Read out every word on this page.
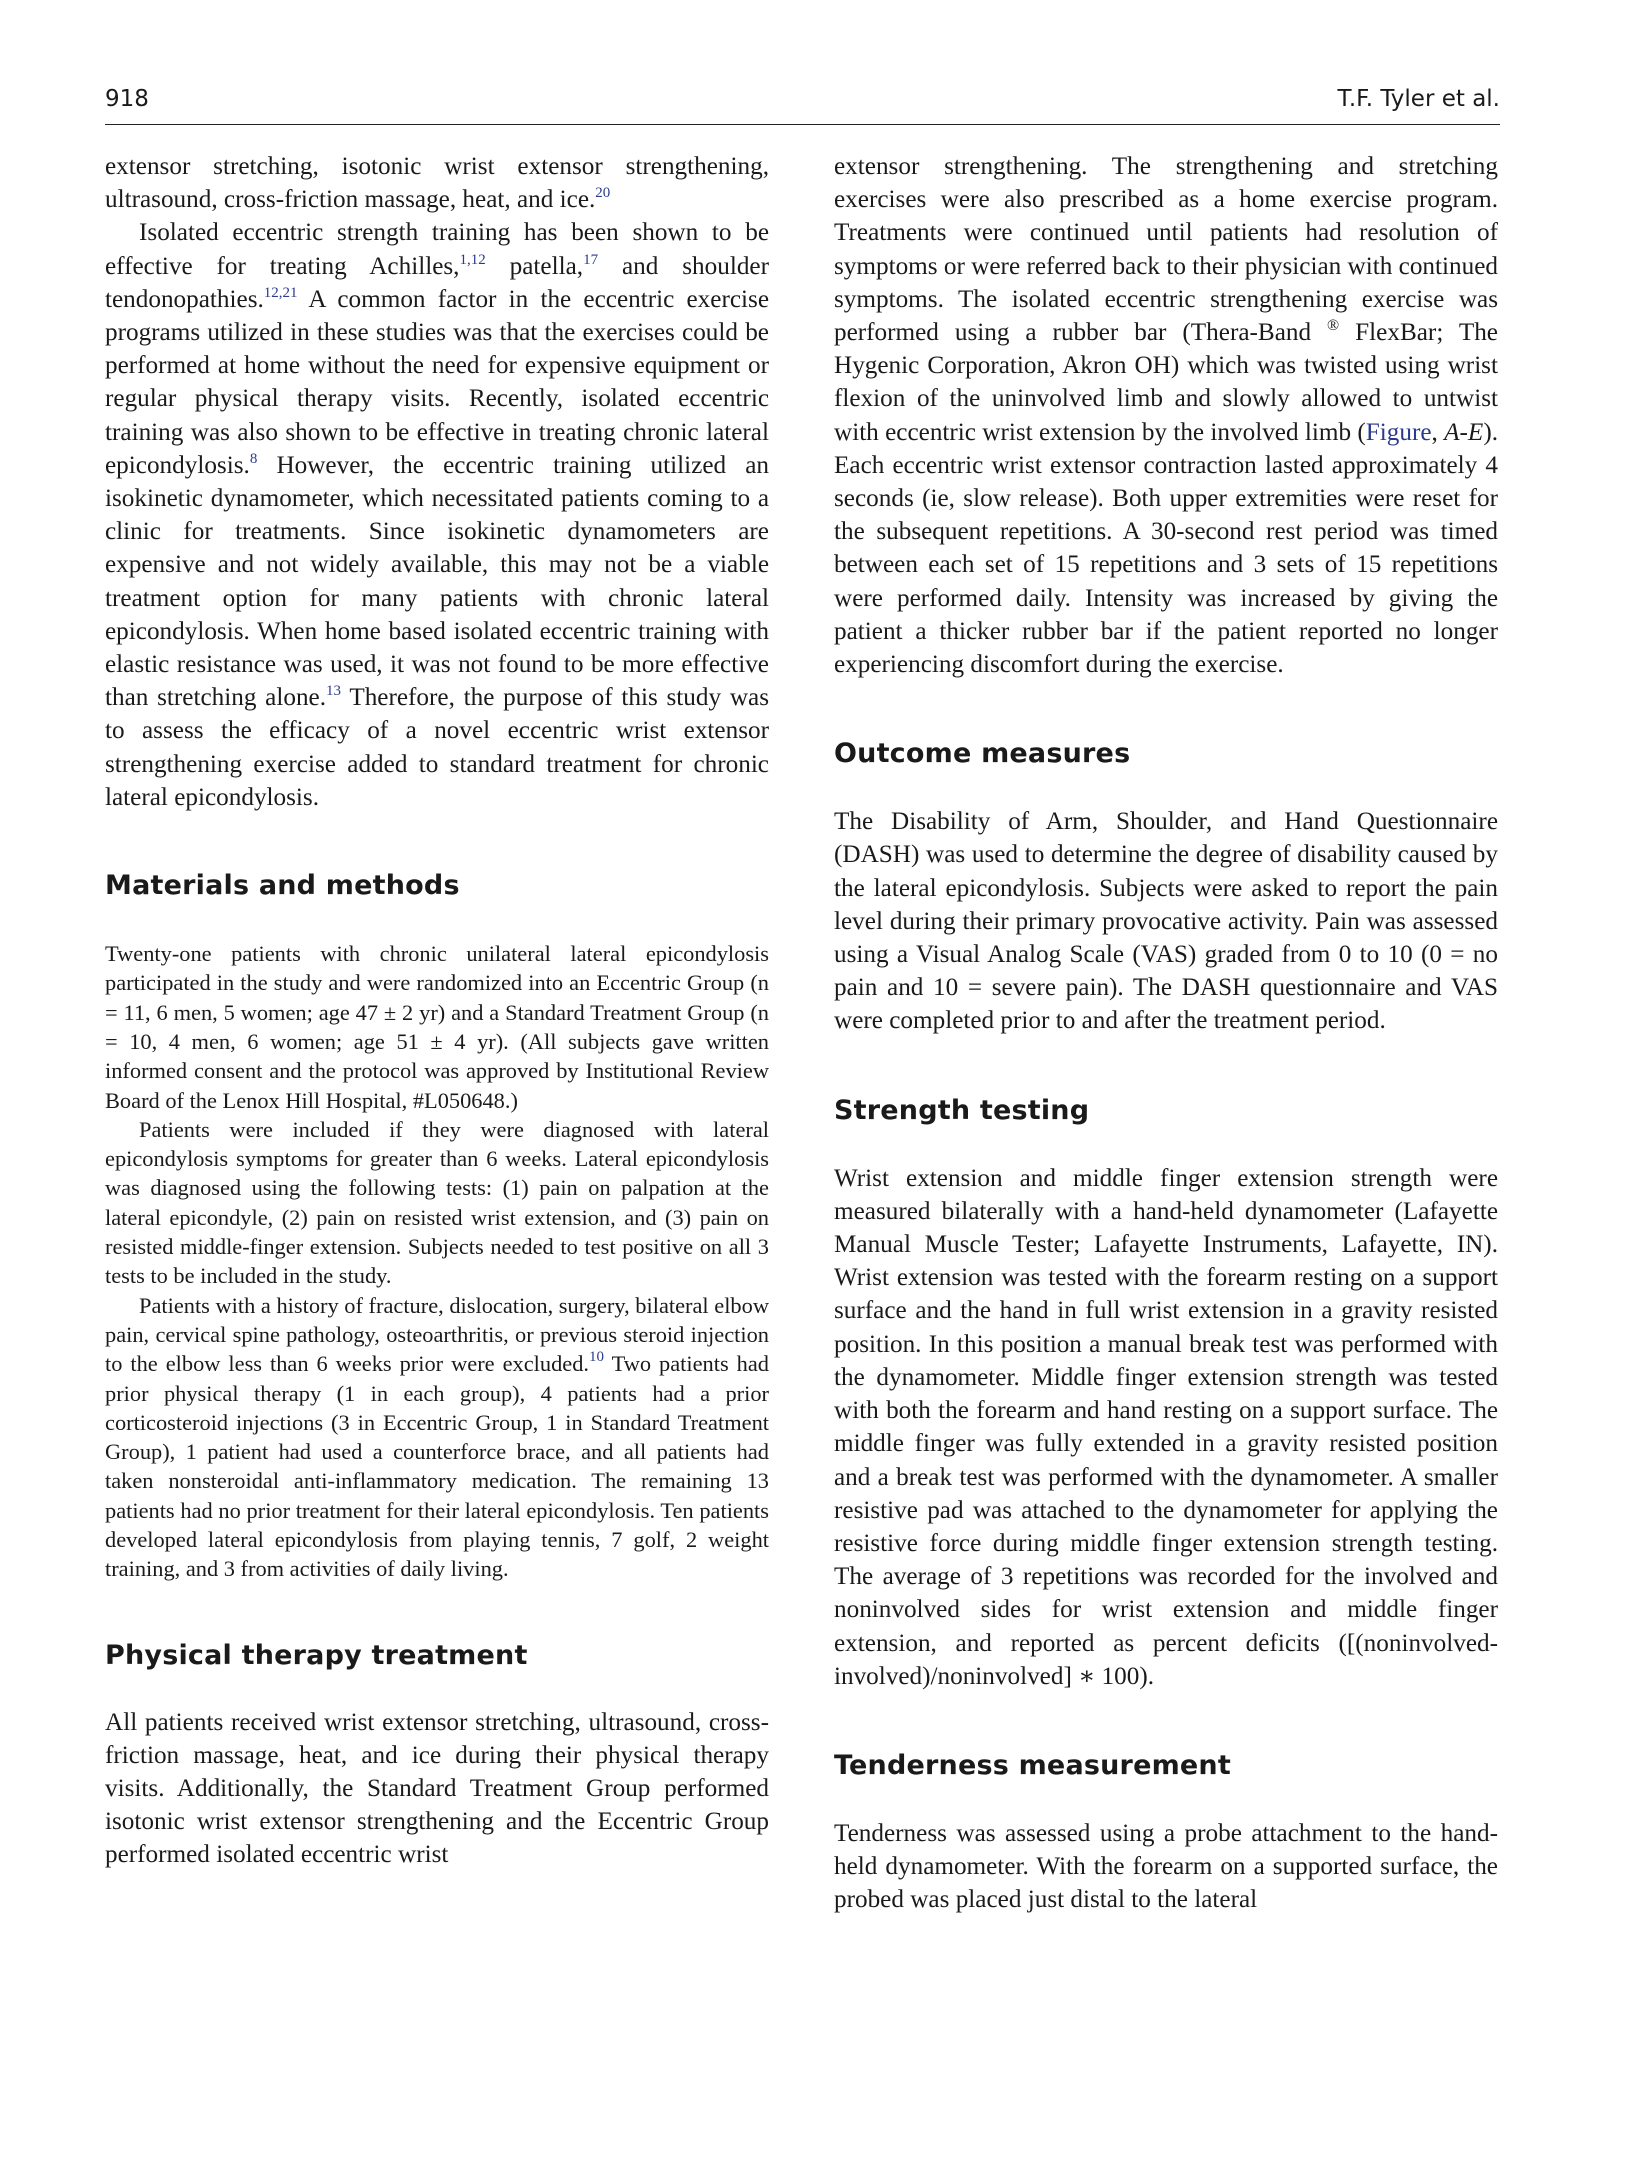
918	T.F. Tyler et al.

extensor stretching, isotonic wrist extensor strengthening, ultrasound, cross-friction massage, heat, and ice.$^{20}$

Isolated eccentric strength training has been shown to be effective for treating Achilles,$^{1,12}$ patella,$^{17}$ and shoulder tendonopathies.$^{12,21}$ A common factor in the eccentric exercise programs utilized in these studies was that the exercises could be performed at home without the need for expensive equipment or regular physical therapy visits. Recently, isolated eccentric training was also shown to be effective in treating chronic lateral epicondylosis.$^8$ However, the eccentric training utilized an isokinetic dynamometer, which necessitated patients coming to a clinic for treatments. Since isokinetic dynamometers are expensive and not widely available, this may not be a viable treatment option for many patients with chronic lateral epicondylosis. When home based isolated eccentric training with elastic resistance was used, it was not found to be more effective than stretching alone.$^{13}$ Therefore, the purpose of this study was to assess the efficacy of a novel eccentric wrist extensor strengthening exercise added to standard treatment for chronic lateral epicondylosis.

Materials and methods

Twenty-one patients with chronic unilateral lateral epicondylosis participated in the study and were randomized into an Eccentric Group (n = 11, 6 men, 5 women; age 47 ± 2 yr) and a Standard Treatment Group (n = 10, 4 men, 6 women; age 51 ± 4 yr). (All subjects gave written informed consent and the protocol was approved by Institutional Review Board of the Lenox Hill Hospital, #L050648.)

Patients were included if they were diagnosed with lateral epicondylosis symptoms for greater than 6 weeks. Lateral epicondylosis was diagnosed using the following tests: (1) pain on palpation at the lateral epicondyle, (2) pain on resisted wrist extension, and (3) pain on resisted middle-finger extension. Subjects needed to test positive on all 3 tests to be included in the study.

Patients with a history of fracture, dislocation, surgery, bilateral elbow pain, cervical spine pathology, osteoarthritis, or previous steroid injection to the elbow less than 6 weeks prior were excluded.$^{10}$ Two patients had prior physical therapy (1 in each group), 4 patients had a prior corticosteroid injections (3 in Eccentric Group, 1 in Standard Treatment Group), 1 patient had used a counterforce brace, and all patients had taken nonsteroidal anti-inflammatory medication. The remaining 13 patients had no prior treatment for their lateral epicondylosis. Ten patients developed lateral epicondylosis from playing tennis, 7 golf, 2 weight training, and 3 from activities of daily living.

Physical therapy treatment

All patients received wrist extensor stretching, ultrasound, cross-friction massage, heat, and ice during their physical therapy visits. Additionally, the Standard Treatment Group performed isotonic wrist extensor strengthening and the Eccentric Group performed isolated eccentric wrist

extensor strengthening. The strengthening and stretching exercises were also prescribed as a home exercise program. Treatments were continued until patients had resolution of symptoms or were referred back to their physician with continued symptoms. The isolated eccentric strengthening exercise was performed using a rubber bar (Thera-Band ® FlexBar; The Hygenic Corporation, Akron OH) which was twisted using wrist flexion of the uninvolved limb and slowly allowed to untwist with eccentric wrist extension by the involved limb (Figure, A-E). Each eccentric wrist extensor contraction lasted approximately 4 seconds (ie, slow release). Both upper extremities were reset for the subsequent repetitions. A 30-second rest period was timed between each set of 15 repetitions and 3 sets of 15 repetitions were performed daily. Intensity was increased by giving the patient a thicker rubber bar if the patient reported no longer experiencing discomfort during the exercise.

Outcome measures

The Disability of Arm, Shoulder, and Hand Questionnaire (DASH) was used to determine the degree of disability caused by the lateral epicondylosis. Subjects were asked to report the pain level during their primary provocative activity. Pain was assessed using a Visual Analog Scale (VAS) graded from 0 to 10 (0 = no pain and 10 = severe pain). The DASH questionnaire and VAS were completed prior to and after the treatment period.

Strength testing

Wrist extension and middle finger extension strength were measured bilaterally with a hand-held dynamometer (Lafayette Manual Muscle Tester; Lafayette Instruments, Lafayette, IN). Wrist extension was tested with the forearm resting on a support surface and the hand in full wrist extension in a gravity resisted position. In this position a manual break test was performed with the dynamometer. Middle finger extension strength was tested with both the forearm and hand resting on a support surface. The middle finger was fully extended in a gravity resisted position and a break test was performed with the dynamometer. A smaller resistive pad was attached to the dynamometer for applying the resistive force during middle finger extension strength testing. The average of 3 repetitions was recorded for the involved and noninvolved sides for wrist extension and middle finger extension, and reported as percent deficits ([(noninvolved-involved)/noninvolved] ∗ 100).

Tenderness measurement

Tenderness was assessed using a probe attachment to the hand-held dynamometer. With the forearm on a supported surface, the probed was placed just distal to the lateral
